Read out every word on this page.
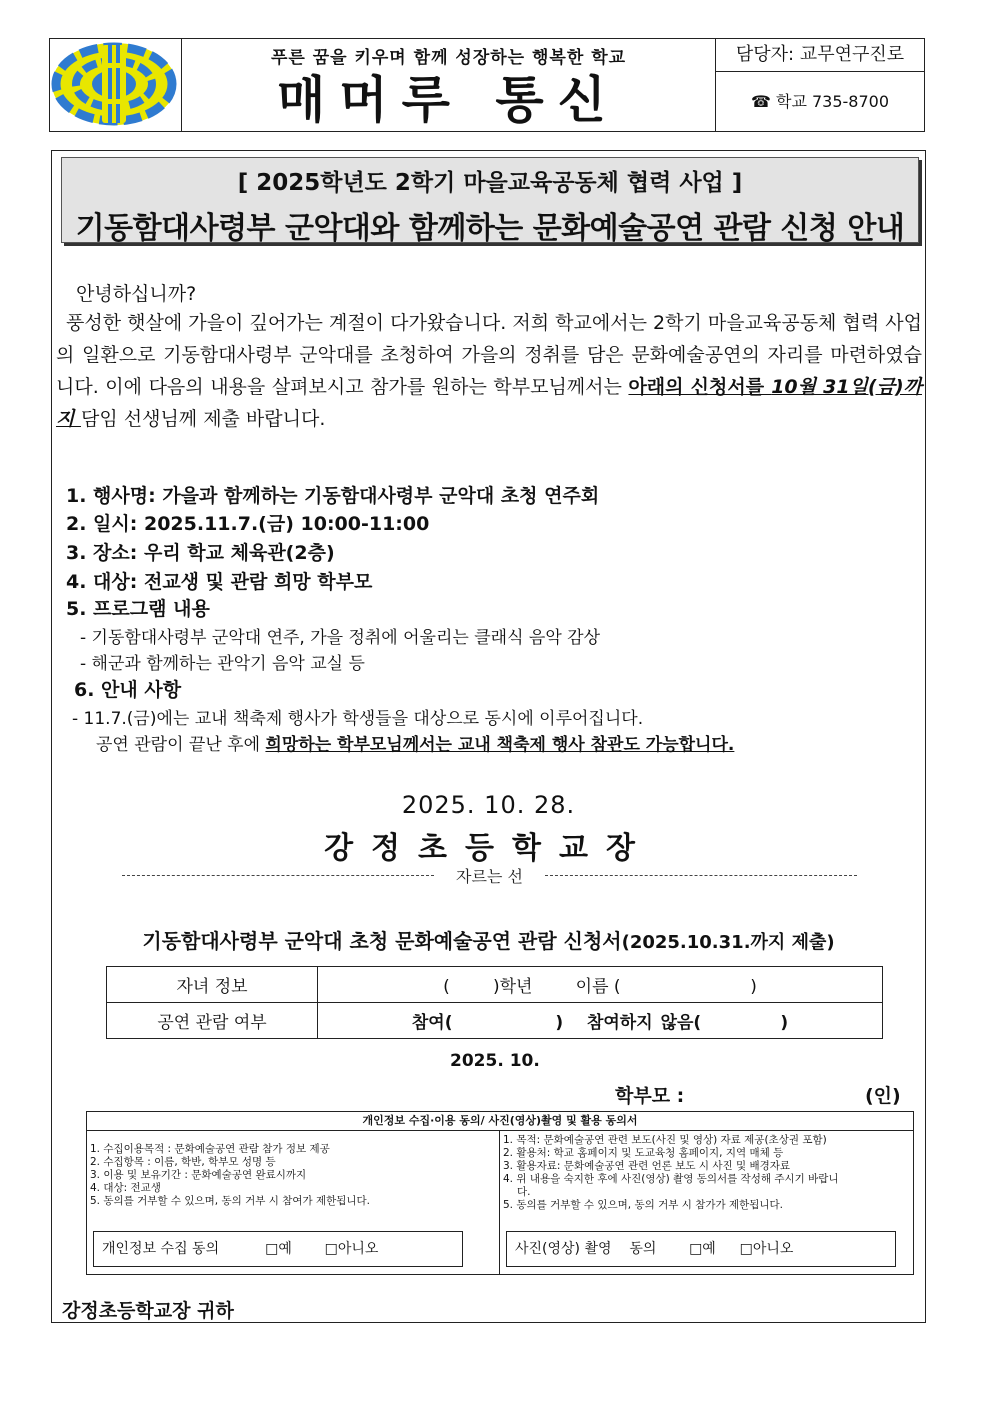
푸른 꿈을 키우며 함께 성장하는 행복한 학교
매머루 통신
담당자: 교무연구진로
☎ 학교 735-8700
[ 2025학년도 2학기 마을교육공동체 협력 사업 ]
기동함대사령부 군악대와 함께하는 문화예술공연 관람 신청 안내
안녕하십니까?
풍성한 햇살에 가을이 깊어가는 계절이 다가왔습니다. 저희 학교에서는 2학기 마을교육공동체 협력 사업의 일환으로 기동함대사령부 군악대를 초청하여 가을의 정취를 담은 문화예술공연의 자리를 마련하였습니다. 이에 다음의 내용을 살펴보시고 참가를 원하는 학부모님께서는 아래의 신청서를 10월 31일(금)까지 담임 선생님께 제출 바랍니다.
1. 행사명: 가을과 함께하는 기동함대사령부 군악대 초청 연주회
2. 일시: 2025.11.7.(금) 10:00-11:00
3. 장소: 우리 학교 체육관(2층)
4. 대상: 전교생 및 관람 희망 학부모
5. 프로그램 내용
- 기동함대사령부 군악대 연주, 가을 정취에 어울리는 클래식 음악 감상
- 해군과 함께하는 관악기 음악 교실 등
6. 안내 사항
- 11.7.(금)에는 교내 책축제 행사가 학생들을 대상으로 동시에 이루어집니다.
공연 관람이 끝난 후에 희망하는 학부모님께서는 교내 책축제 행사 참관도 가능합니다.
2025. 10. 28.
강정초등학교장
자르는 선
기동함대사령부 군악대 초청 문화예술공연 관람 신청서(2025.10.31.까지 제출)
자녀 정보	(        )학년        이름 (                        )
공연 관람 여부	참여(             )   참여하지 않음(          )
2025. 10.
학부모 :	(인)
개인정보 수집·이용 동의/ 사진(영상)촬영 및 활용 동의서
1. 수집이용목적 : 문화예술공연 관람 참가 정보 제공
2. 수집항목 : 이름, 학반, 학부모 성명 등
3. 이용 및 보유기간 : 문화예술공연 완료시까지
4. 대상: 전교생
5. 동의를 거부할 수 있으며, 동의 거부 시 참여가 제한됩니다.
개인정보 수집 동의	□예 □아니오
1. 목적: 문화예술공연 관련 보도(사진 및 영상) 자료 제공(초상권 포함)
2. 활용처: 학교 홈페이지 및 도교육청 홈페이지, 지역 매체 등
3. 활용자료: 문화예술공연 관련 언론 보도 시 사진 및 배경자료
4. 위 내용을 숙지한 후에 사진(영상) 촬영 동의서를 작성해 주시기 바랍니
다.
5. 동의를 거부할 수 있으며, 동의 거부 시 참가가 제한됩니다.
사진(영상) 촬영    동의 □예 □아니오
강정초등학교장 귀하
